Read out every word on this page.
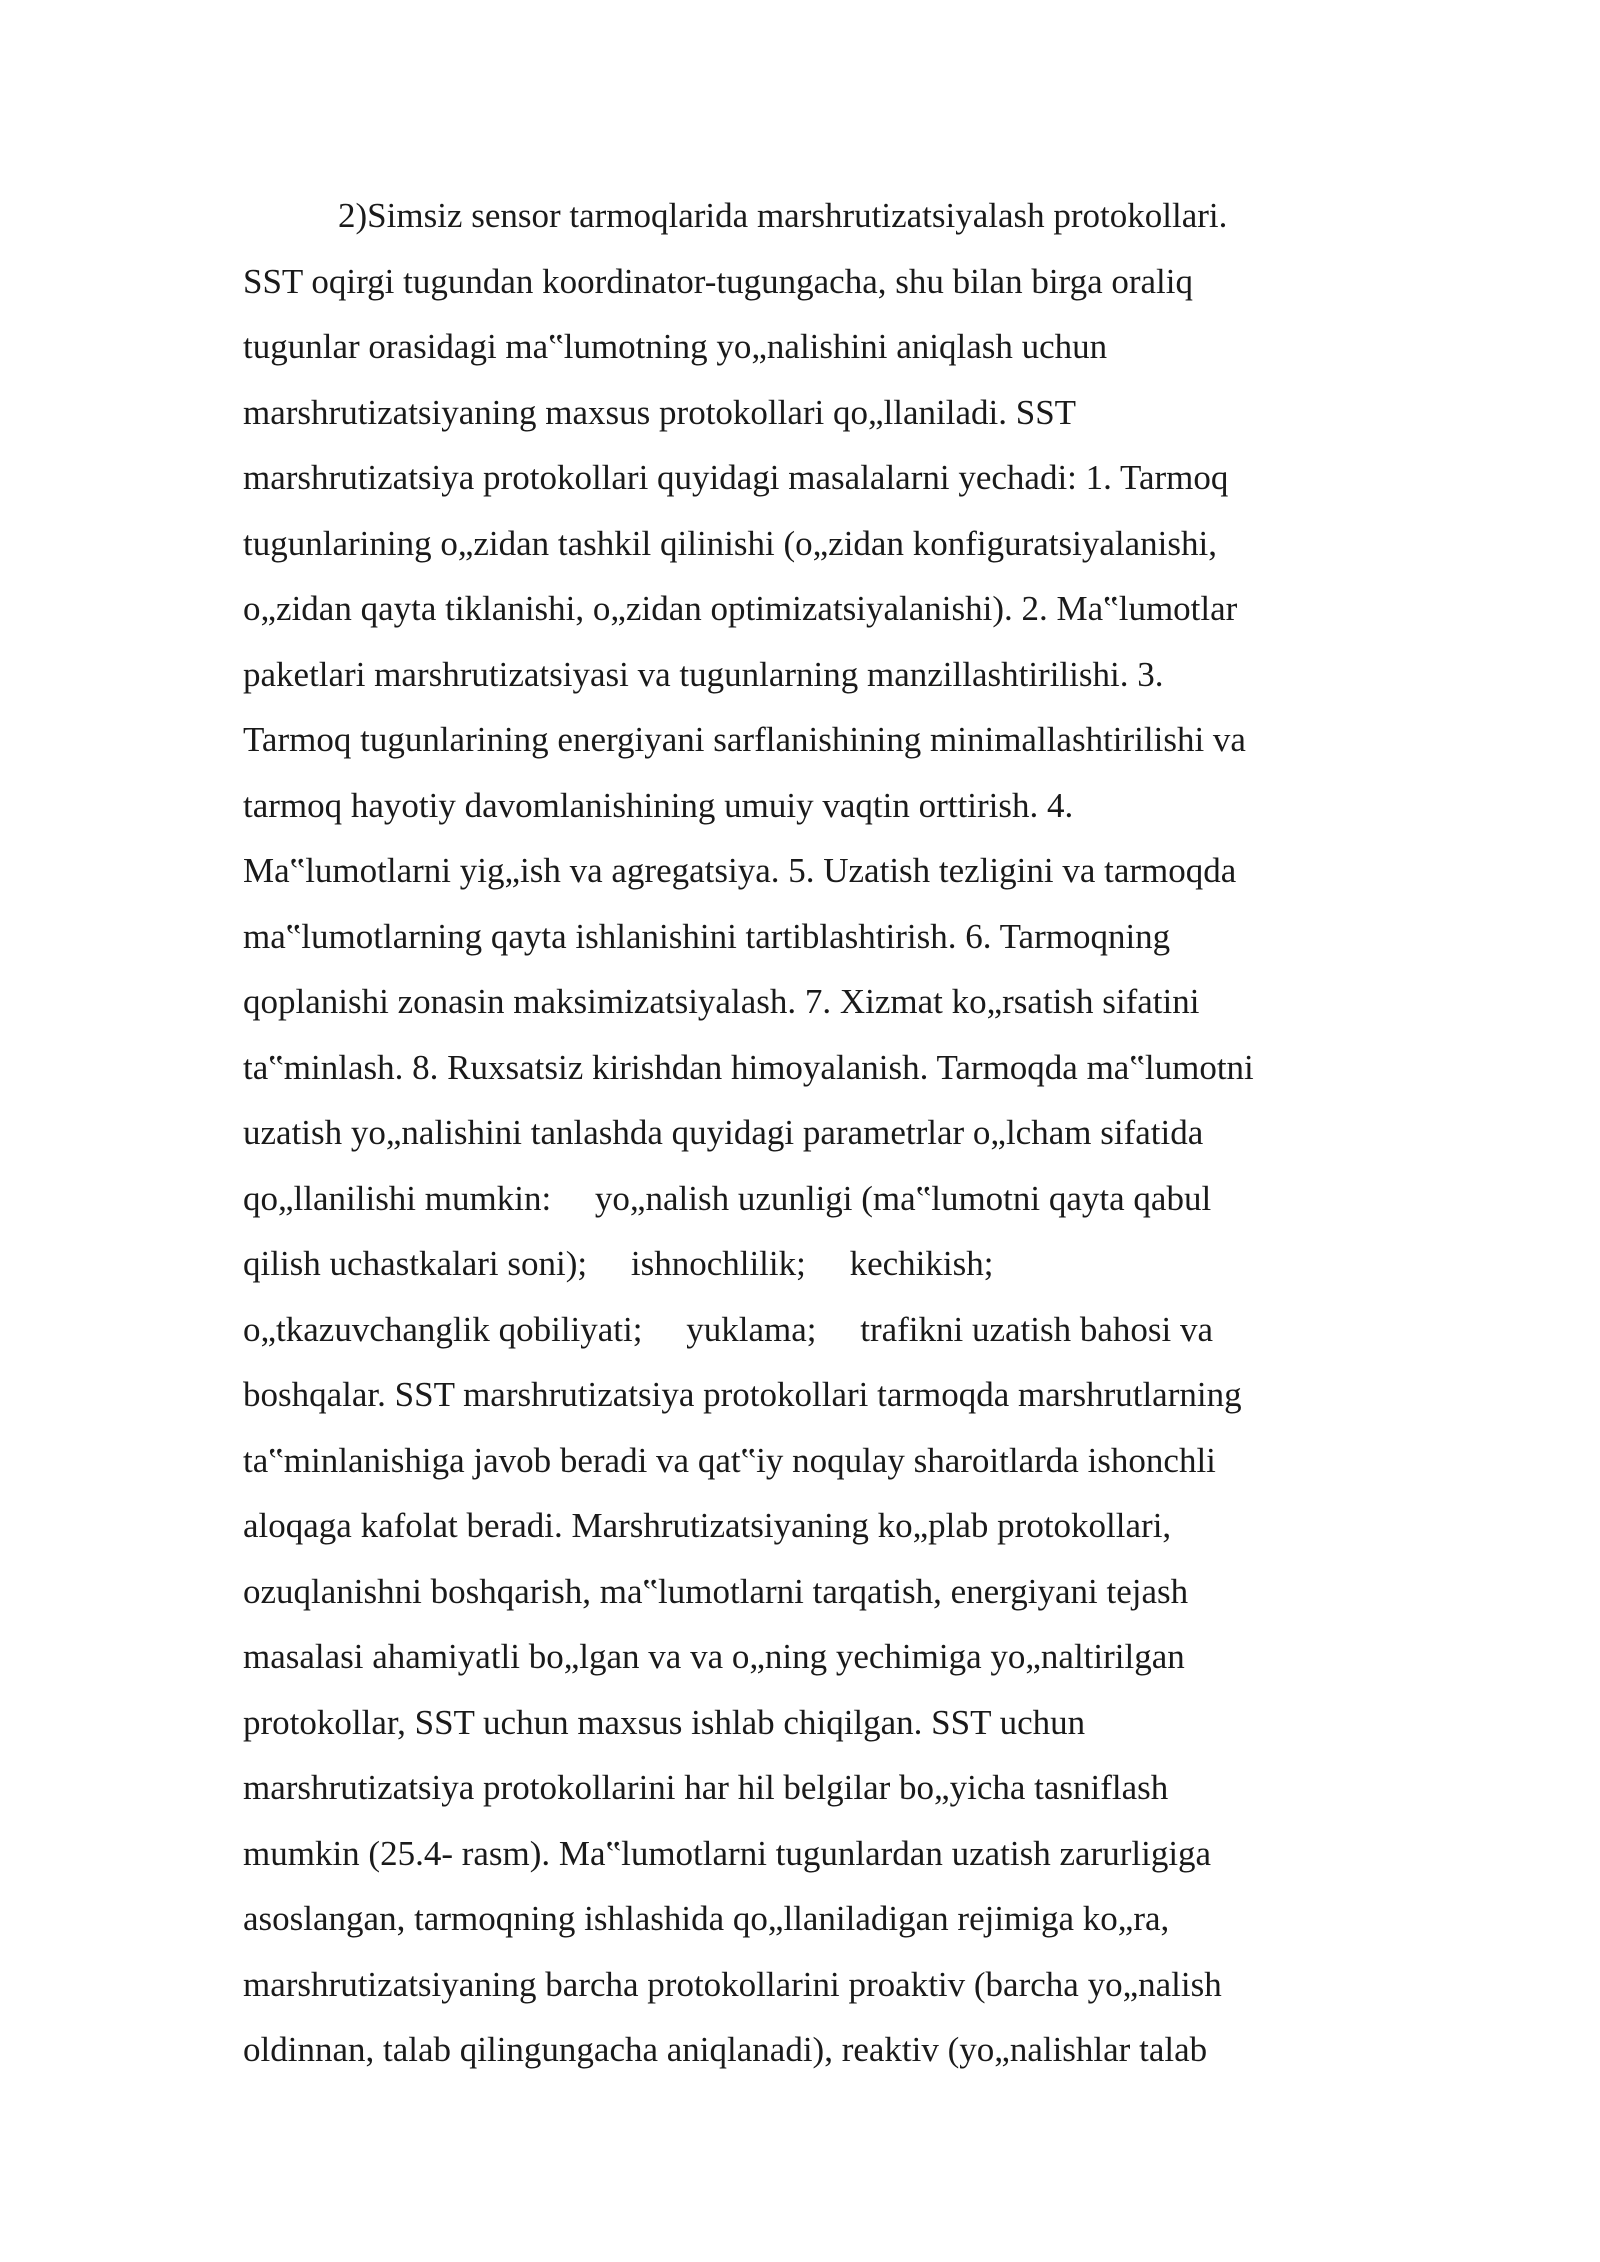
2)Simsiz sensor tarmoqlarida marshrutizatsiyalash protokollari.
SST oqirgi tugundan koordinator-tugungacha, shu bilan birga oraliq
tugunlar orasidagi ma‟lumotning yo„nalishini aniqlash uchun
marshrutizatsiyaning maxsus protokollari qo„llaniladi. SST
marshrutizatsiya protokollari quyidagi masalalarni yechadi: 1. Tarmoq
tugunlarining o„zidan tashkil qilinishi (o„zidan konfiguratsiyalanishi,
o„zidan qayta tiklanishi, o„zidan optimizatsiyalanishi). 2. Ma‟lumotlar
paketlari marshrutizatsiyasi va tugunlarning manzillashtirilishi. 3.
Tarmoq tugunlarining energiyani sarflanishining minimallashtirilishi va
tarmoq hayotiy davomlanishining umuiy vaqtin orttirish. 4.
Ma‟lumotlarni yig„ish va agregatsiya. 5. Uzatish tezligini va tarmoqda
ma‟lumotlarning qayta ishlanishini tartiblashtirish. 6. Tarmoqning
qoplanishi zonasin maksimizatsiyalash. 7. Xizmat ko„rsatish sifatini
ta‟minlash. 8. Ruxsatsiz kirishdan himoyalanish. Tarmoqda ma‟lumotni
uzatish yo„nalishini tanlashda quyidagi parametrlar o„lcham sifatida
qo„llanilishi mumkin:     yo„nalish uzunligi (ma‟lumotni qayta qabul
qilish uchastkalari soni);     ishnochlilik;     kechikish;
o„tkazuvchanglik qobiliyati;     yuklama;     trafikni uzatish bahosi va
boshqalar. SST marshrutizatsiya protokollari tarmoqda marshrutlarning
ta‟minlanishiga javob beradi va qat‟iy noqulay sharoitlarda ishonchli
aloqaga kafolat beradi. Marshrutizatsiyaning ko„plab protokollari,
ozuqlanishni boshqarish, ma‟lumotlarni tarqatish, energiyani tejash
masalasi ahamiyatli bo„lgan va va o„ning yechimiga yo„naltirilgan
protokollar, SST uchun maxsus ishlab chiqilgan. SST uchun
marshrutizatsiya protokollarini har hil belgilar bo„yicha tasniflash
mumkin (25.4- rasm). Ma‟lumotlarni tugunlardan uzatish zarurligiga
asoslangan, tarmoqning ishlashida qo„llaniladigan rejimiga ko„ra,
marshrutizatsiyaning barcha protokollarini proaktiv (barcha yo„nalish
oldinnan, talab qilingungacha aniqlanadi), reaktiv (yo„nalishlar talab
